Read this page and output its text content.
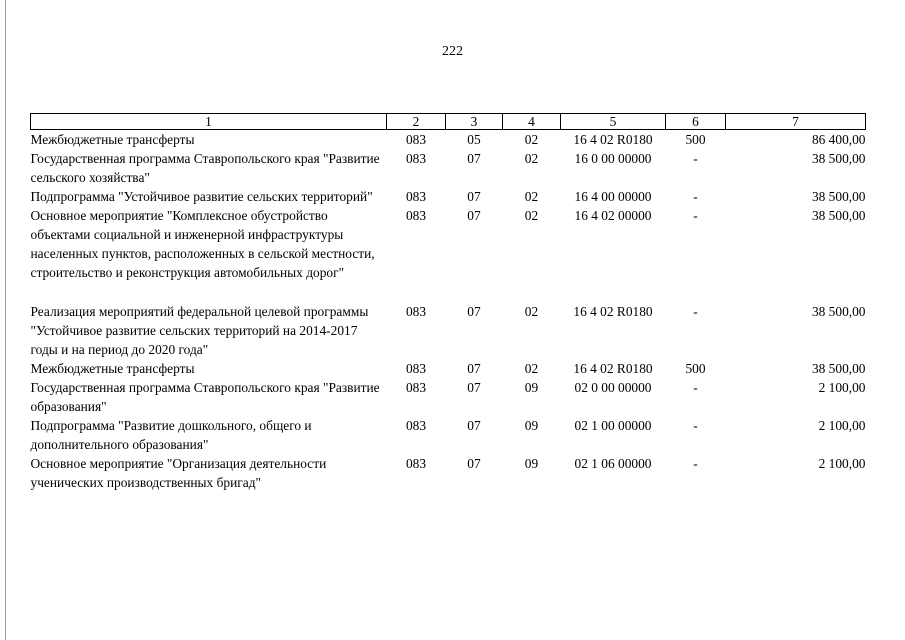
222
1	2	3	4	5	6	7
Межбюджетные трансферты	083	05	02	16 4 02 R0180	500	86 400,00
Государственная программа Ставропольского края "Развитие сельского хозяйства"	083	07	02	16 0 00 00000	-	38 500,00
Подпрограмма "Устойчивое развитие сельских территорий"	083	07	02	16 4 00 00000	-	38 500,00
Основное мероприятие "Комплексное обустройство объектами социальной и инженерной инфраструктуры населенных пунктов, расположенных в сельской местности, строительство и реконструкция автомобильных дорог"	083	07	02	16 4 02 00000	-	38 500,00

Реализация мероприятий федеральной целевой программы "Устойчивое развитие сельских территорий на 2014-2017 годы и на период до 2020 года"	083	07	02	16 4 02 R0180	-	38 500,00
Межбюджетные трансферты	083	07	02	16 4 02 R0180	500	38 500,00
Государственная программа Ставропольского края "Развитие образования"	083	07	09	02 0 00 00000	-	2 100,00
Подпрограмма "Развитие дошкольного, общего и дополнительного образования"	083	07	09	02 1 00 00000	-	2 100,00
Основное мероприятие "Организация деятельности ученических производственных бригад"	083	07	09	02 1 06 00000	-	2 100,00
